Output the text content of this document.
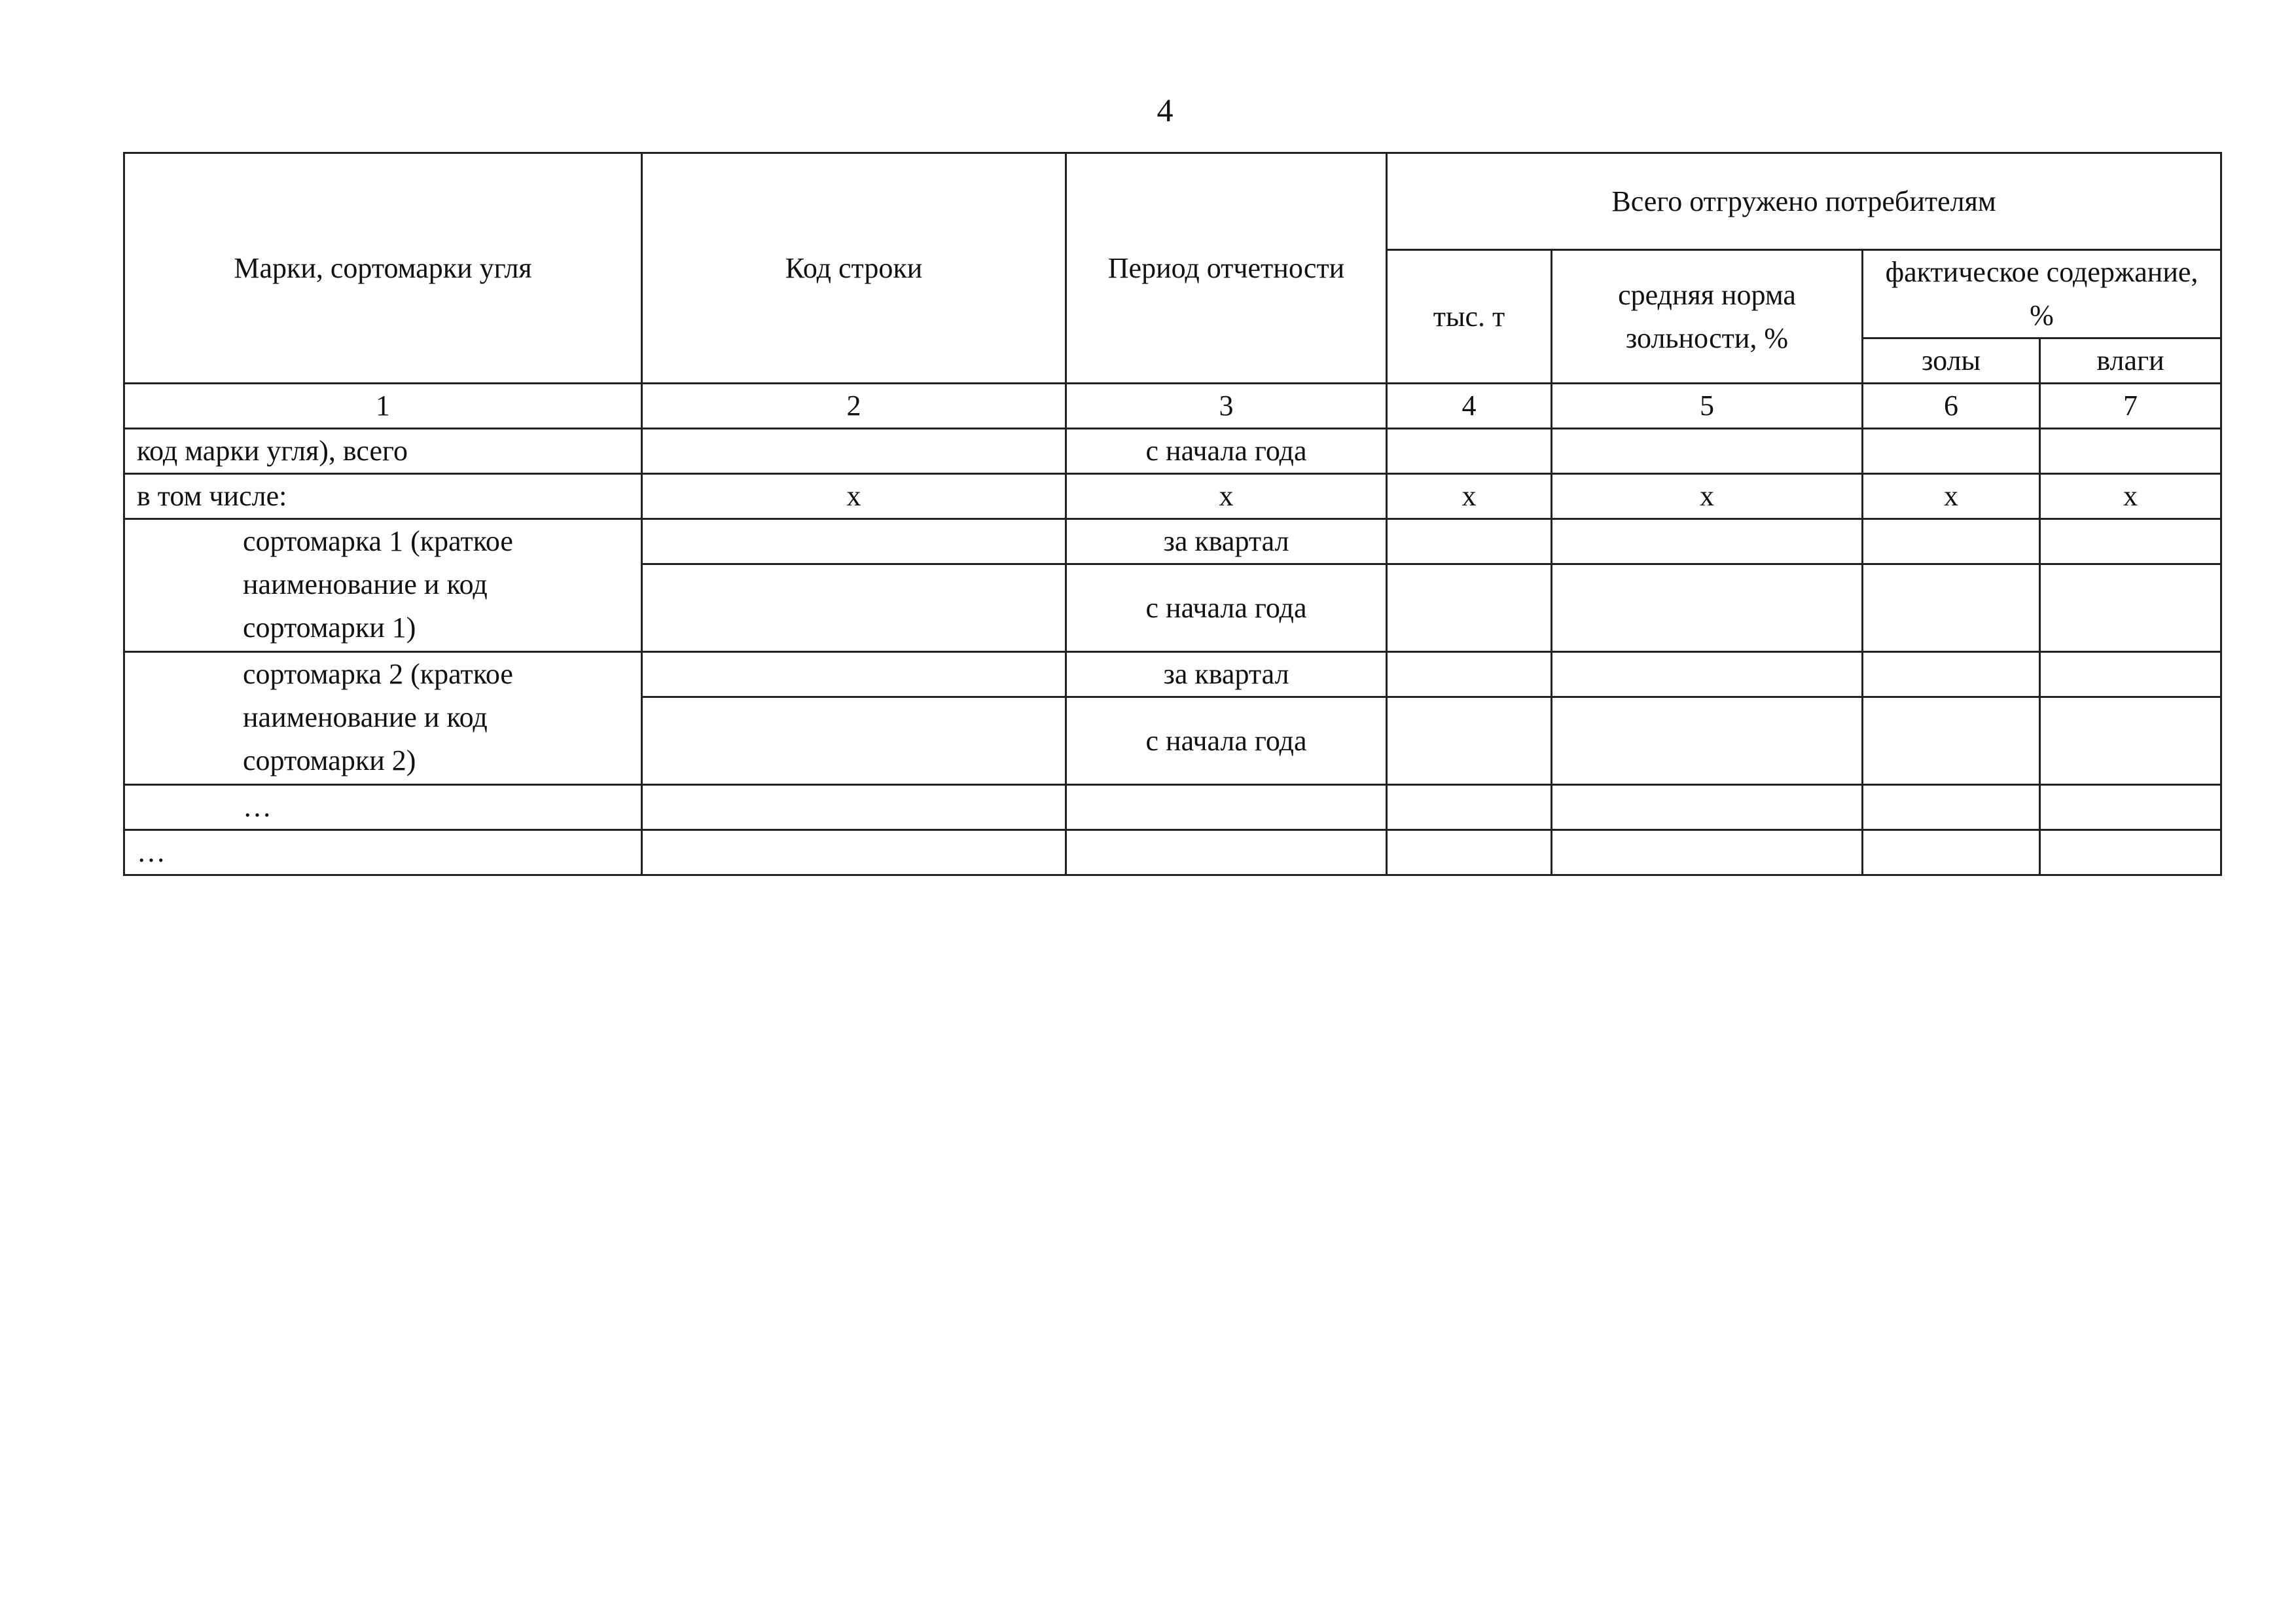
4
Марки, сортомарки угля	Код строки	Период отчетности	Всего отгружено потребителям			
			тыс. т	средняя норма зольности, %	фактическое содержание, %	
					золы	влаги
1	2	3	4	5	6	7
код марки угля), всего		с начала года				
в том числе:	х	х	х	х	х	х
сортомарка 1 (краткое наименование и код сортомарки 1)		за квартал				
		с начала года				
сортомарка 2 (краткое наименование и код сортомарки 2)		за квартал				
		с начала года				
…						
…						
